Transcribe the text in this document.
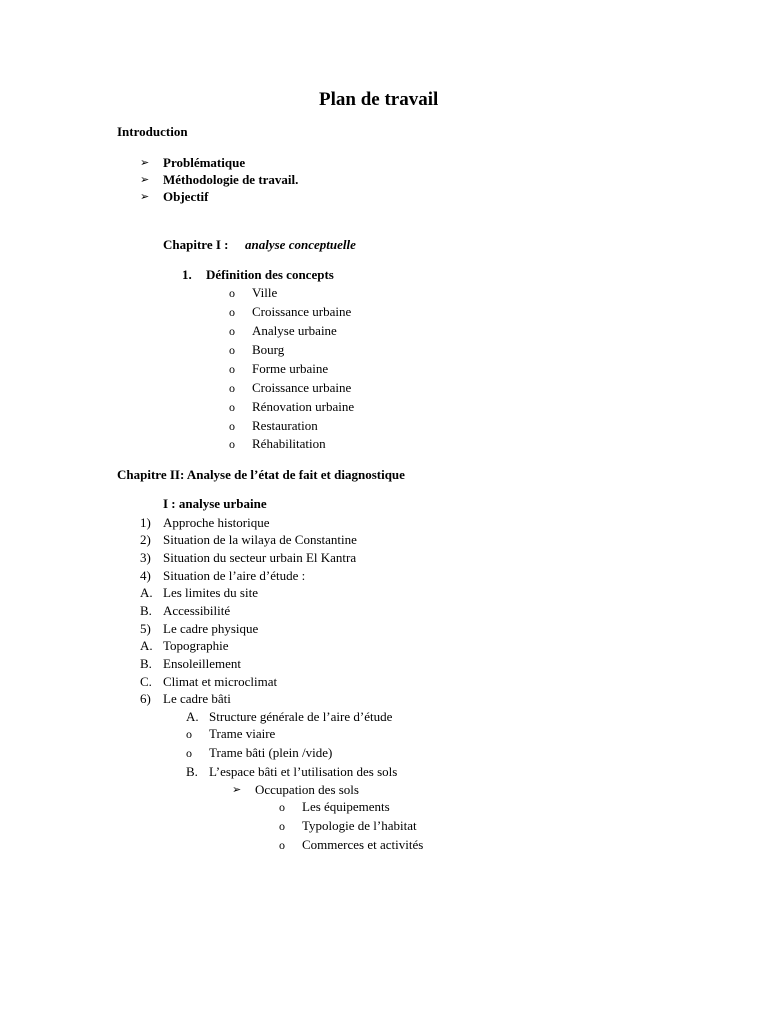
Plan de travail
Introduction
➢ Problématique
➢ Méthodologie de travail.
➢ Objectif
Chapitre I : analyse conceptuelle
1. Définition des concepts
o Ville
o Croissance urbaine
o Analyse urbaine
o Bourg
o Forme urbaine
o Croissance urbaine
o Rénovation urbaine
o Restauration
o Réhabilitation
Chapitre II: Analyse de l’état de fait et diagnostique
I : analyse urbaine
1) Approche historique
2) Situation de la wilaya de Constantine
3) Situation du secteur urbain El Kantra
4) Situation de l’aire d’étude :
A. Les limites du site
B. Accessibilité
5) Le cadre physique
A. Topographie
B. Ensoleillement
C. Climat et microclimat
6) Le cadre bâti
A. Structure générale de l’aire d’étude
o Trame viaire
o Trame bâti (plein /vide)
B. L’espace bâti et l’utilisation des sols
➢ Occupation des sols
o Les équipements
o Typologie de l’habitat
o Commerces et activités
